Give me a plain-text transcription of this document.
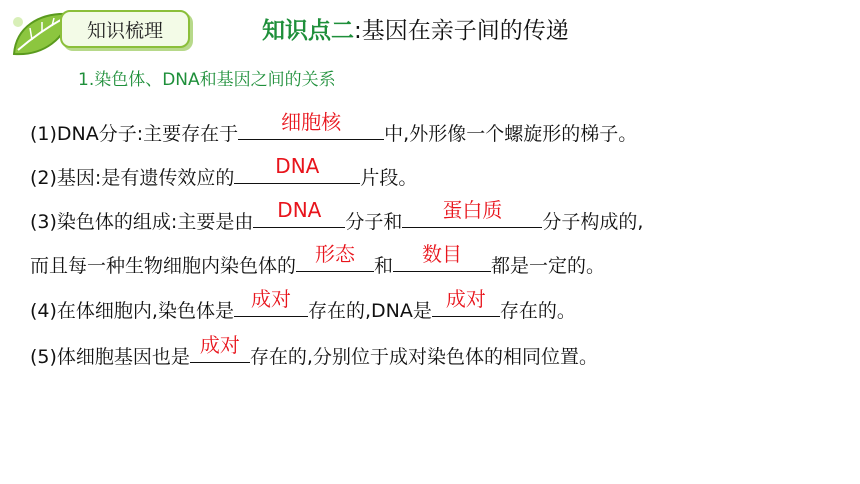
知识梳理	知识点二:基因在亲子间的传递
1.染色体、DNA和基因之间的关系
(1)DNA分子:主要存在于	细胞核	中,外形像一个螺旋形的梯子。
(2)基因:是有遗传效应的	DNA	片段。
(3)染色体的组成:主要是由	DNA	分子和	蛋白质	分子构成的,
而且每一种生物细胞内染色体的 形态	和	数目	都是一定的。
(4)在体细胞内,染色体是 成对 存在的,DNA是 成对 存在的。
(5)体细胞基因也是 成对 存在的,分别位于成对染色体的相同位置。
